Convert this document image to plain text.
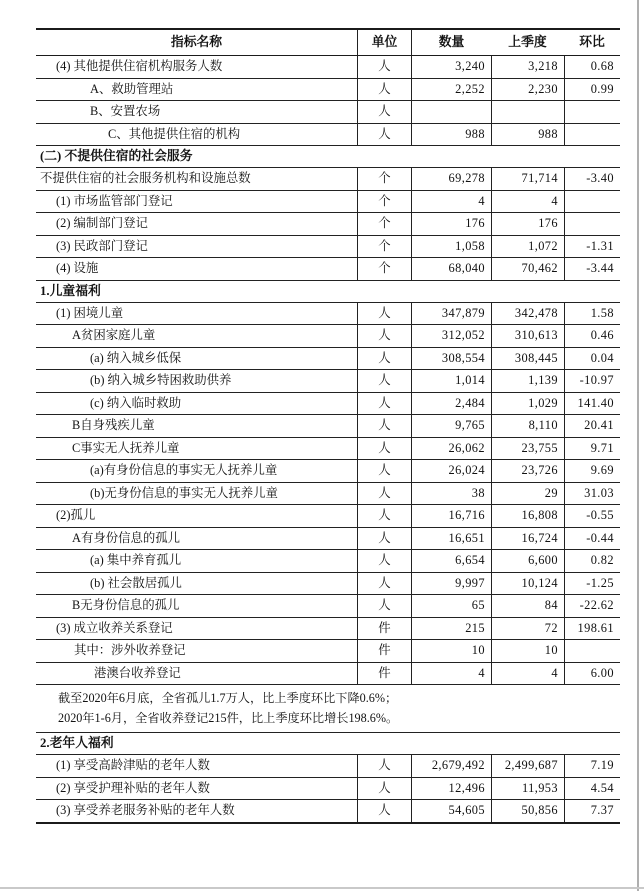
指标名称	单位	数量	上季度	环比
(4) 其他提供住宿机构服务人数	人	3,240	3,218	0.68
A、救助管理站	人	2,252	2,230	0.99
B、安置农场	人
C、其他提供住宿的机构	人	988	988
(二) 不提供住宿的社会服务
不提供住宿的社会服务机构和设施总数	个	69,278	71,714	-3.40
(1) 市场监管部门登记	个	4	4
(2) 编制部门登记	个	176	176
(3) 民政部门登记	个	1,058	1,072	-1.31
(4) 设施	个	68,040	70,462	-3.44
1.儿童福利
(1) 困境儿童	人	347,879	342,478	1.58
A贫困家庭儿童	人	312,052	310,613	0.46
(a) 纳入城乡低保	人	308,554	308,445	0.04
(b) 纳入城乡特困救助供养	人	1,014	1,139	-10.97
(c) 纳入临时救助	人	2,484	1,029	141.40
B自身残疾儿童	人	9,765	8,110	20.41
C事实无人抚养儿童	人	26,062	23,755	9.71
(a)有身份信息的事实无人抚养儿童	人	26,024	23,726	9.69
(b)无身份信息的事实无人抚养儿童	人	38	29	31.03
(2)孤儿	人	16,716	16,808	-0.55
A有身份信息的孤儿	人	16,651	16,724	-0.44
(a) 集中养育孤儿	人	6,654	6,600	0.82
(b) 社会散居孤儿	人	9,997	10,124	-1.25
B无身份信息的孤儿	人	65	84	-22.62
(3) 成立收养关系登记	件	215	72	198.61
其中：涉外收养登记	件	10	10
港澳台收养登记	件	4	4	6.00
截至2020年6月底，全省孤儿1.7万人，比上季度环比下降0.6%；
2020年1-6月，全省收养登记215件，比上季度环比增长198.6%。
2.老年人福利
(1) 享受高龄津贴的老年人数	人	2,679,492	2,499,687	7.19
(2) 享受护理补贴的老年人数	人	12,496	11,953	4.54
(3) 享受养老服务补贴的老年人数	人	54,605	50,856	7.37
